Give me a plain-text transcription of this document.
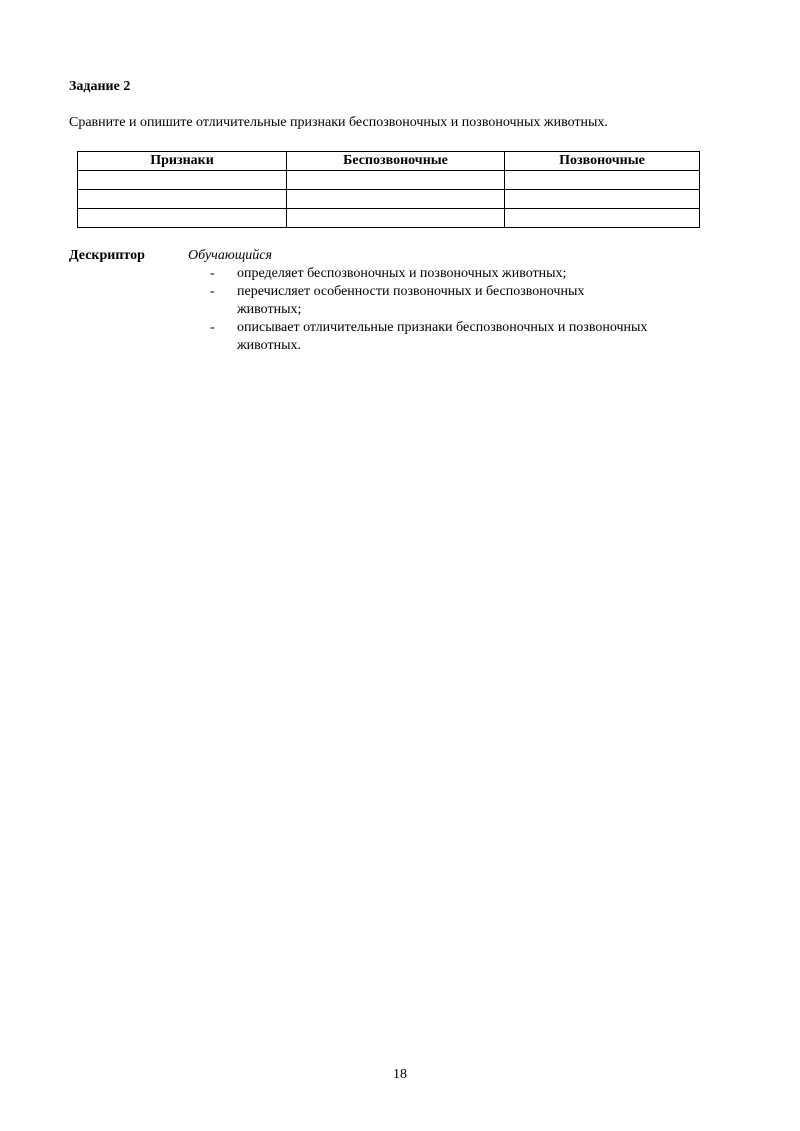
Задание 2

Сравните и опишите отличительные признаки беспозвоночных и позвоночных животных.

Признаки	Беспозвоночные	Позвоночные

Дескриптор	Обучающийся

- определяет беспозвоночных и позвоночных животных;
- перечисляет особенности позвоночных и беспозвоночных животных;
- описывает отличительные признаки беспозвоночных и позвоночных животных.
18
